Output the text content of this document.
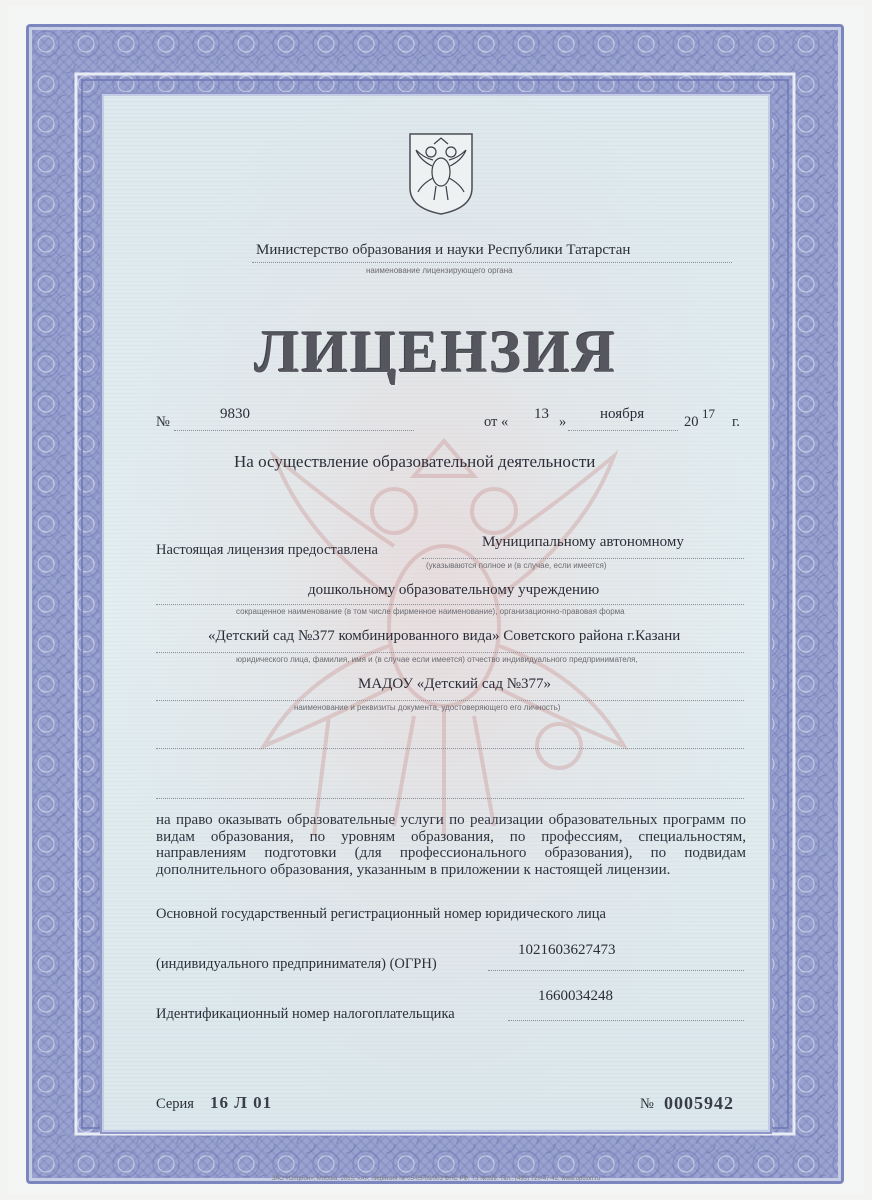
Министерство образования и науки Республики Татарстан
наименование лицензирующего органа
ЛИЦЕНЗИЯ
№	9830	от « 13 » ноября	20
17
г.
На осуществление образовательной деятельности
Настоящая лицензия предоставлена	Муниципальному автономному
(указываются полное и (в случае, если имеется)
дошкольному образовательному учреждению
сокращенное наименование (в том числе фирменное наименование), организационно-правовая форма
«Детский сад №377 комбинированного вида» Советского района г.Казани
юридического лица, фамилия, имя и (в случае если имеется) отчество индивидуального предпринимателя,
МАДОУ «Детский сад №377»
наименование и реквизиты документа, удостоверяющего его личность)
на право оказывать образовательные услуги по реализации образовательных программ по видам образования, по уровням образования, по профессиям, специальностям, направлениям подготовки (для профессионального образования), по подвидам дополнительного образования, указанным в приложении к настоящей лицензии.
Основной государственный регистрационный номер юридического лица
1021603627473
(индивидуального предпринимателя) (ОГРН)
1660034248
Идентификационный номер налогоплательщика
Серия 16 Л 01	№ 0005942
ЗАО «Опцион», Москва, 2015, «А», лицензия № 05-05-09/003 ФНС РФ, ТЗ №399. Тел.: (495) 726-47-42, www.opcion.ru
